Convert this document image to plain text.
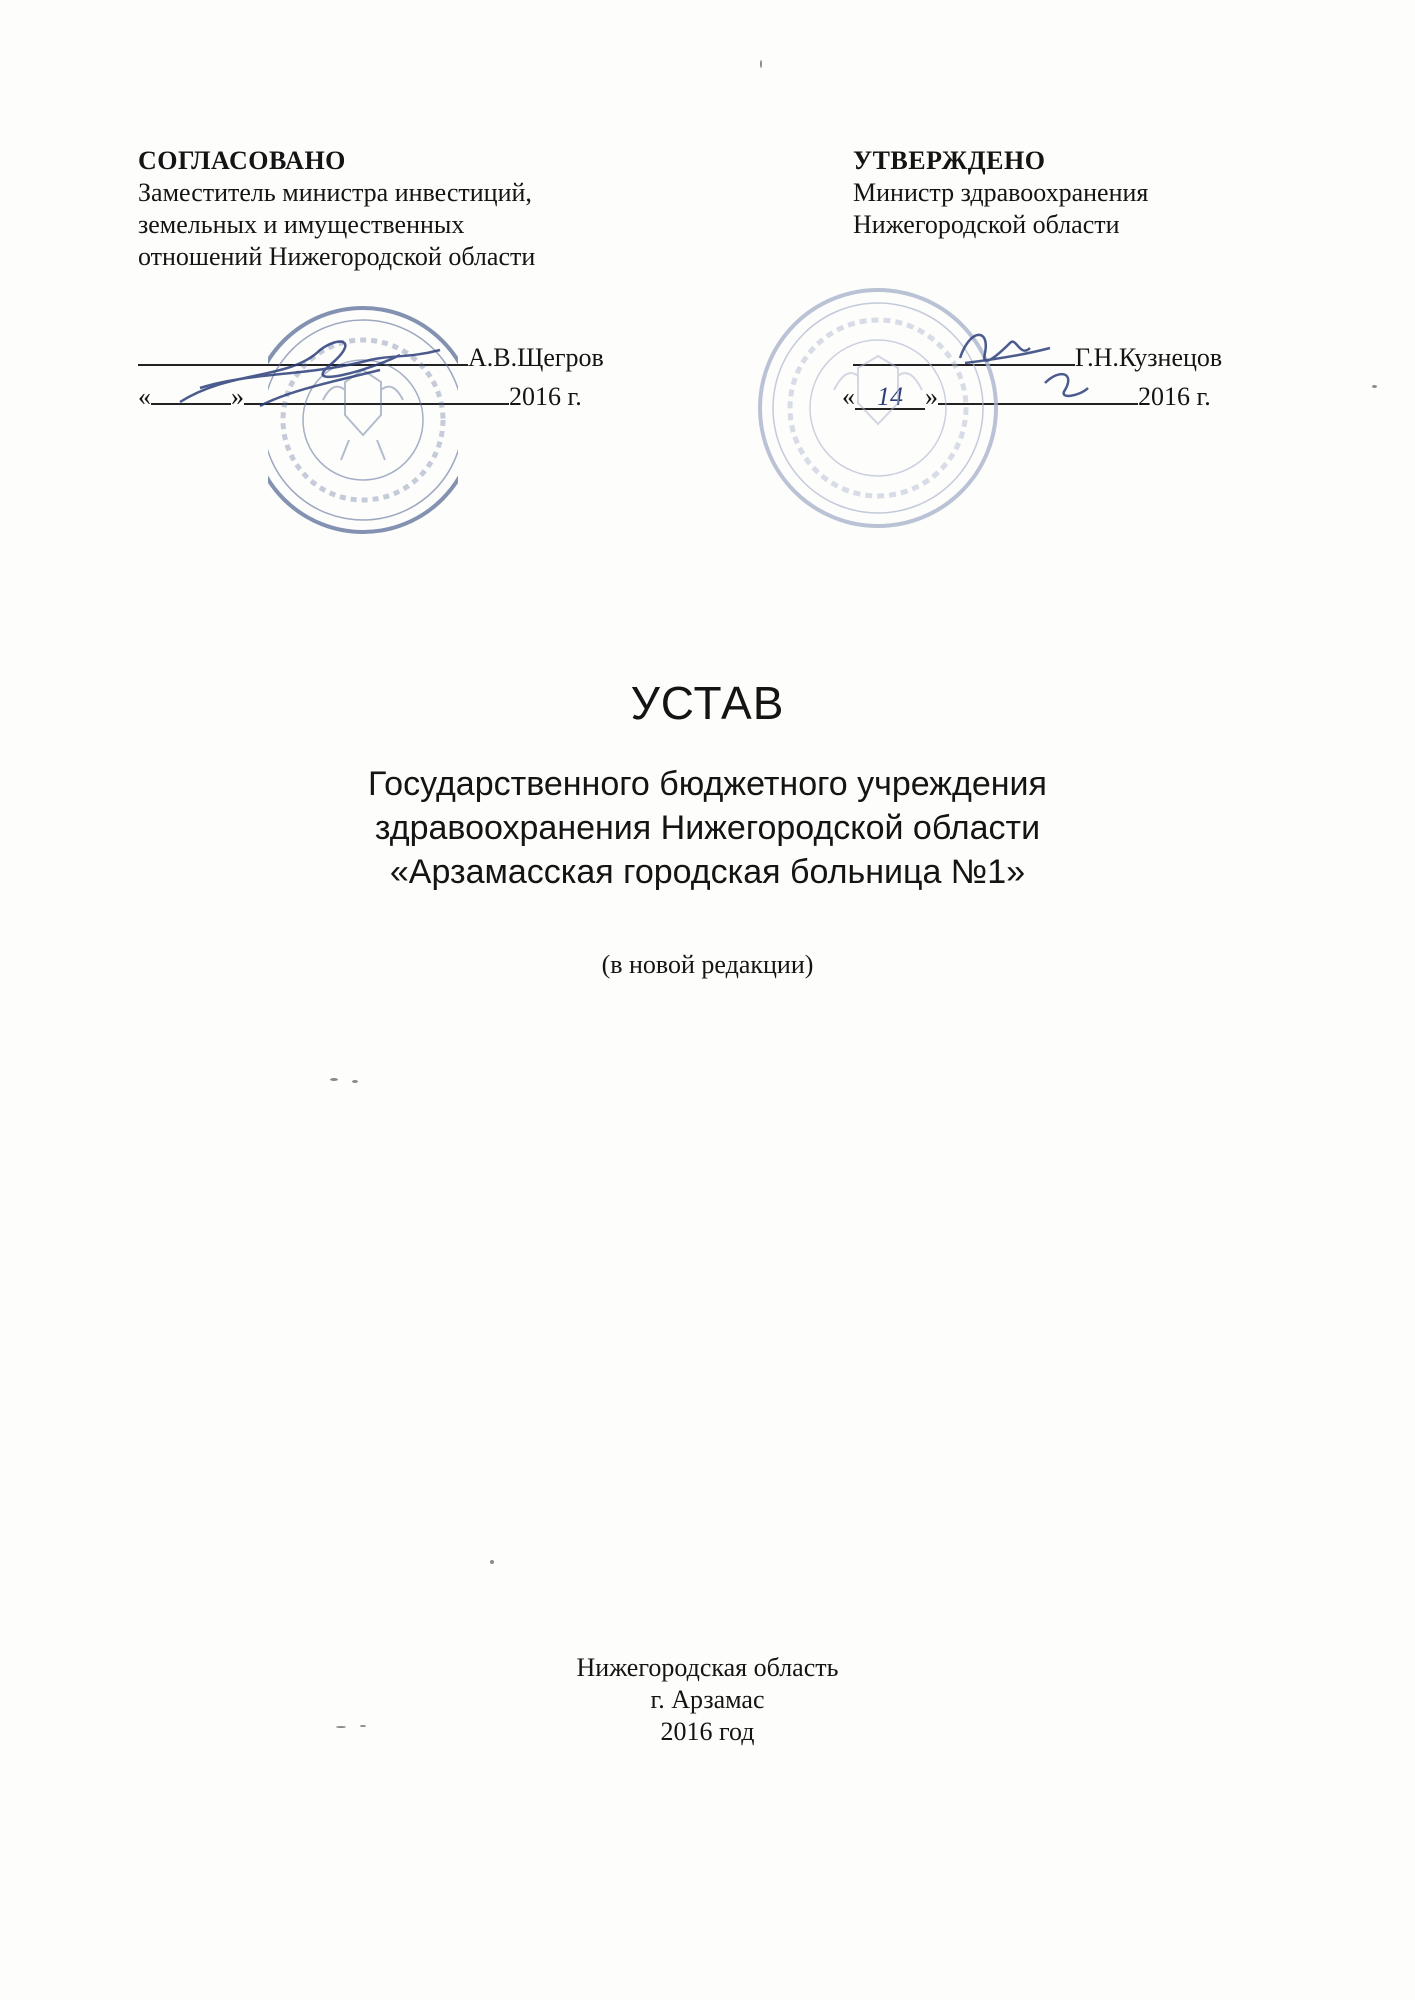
СОГЛАСОВАНО
Заместитель министра инвестиций,
земельных и имущественных
отношений Нижегородской области
А.В.Щегров
«	»	2016 г.
УТВЕРЖДЕНО
Министр здравоохранения
Нижегородской области
Г.Н.Кузнецов
« 14 »	2016 г.
УСТАВ
Государственного бюджетного учреждения
здравоохранения Нижегородской области
«Арзамасская городская больница №1»
(в новой редакции)
Нижегородская область
г. Арзамас
2016 год
